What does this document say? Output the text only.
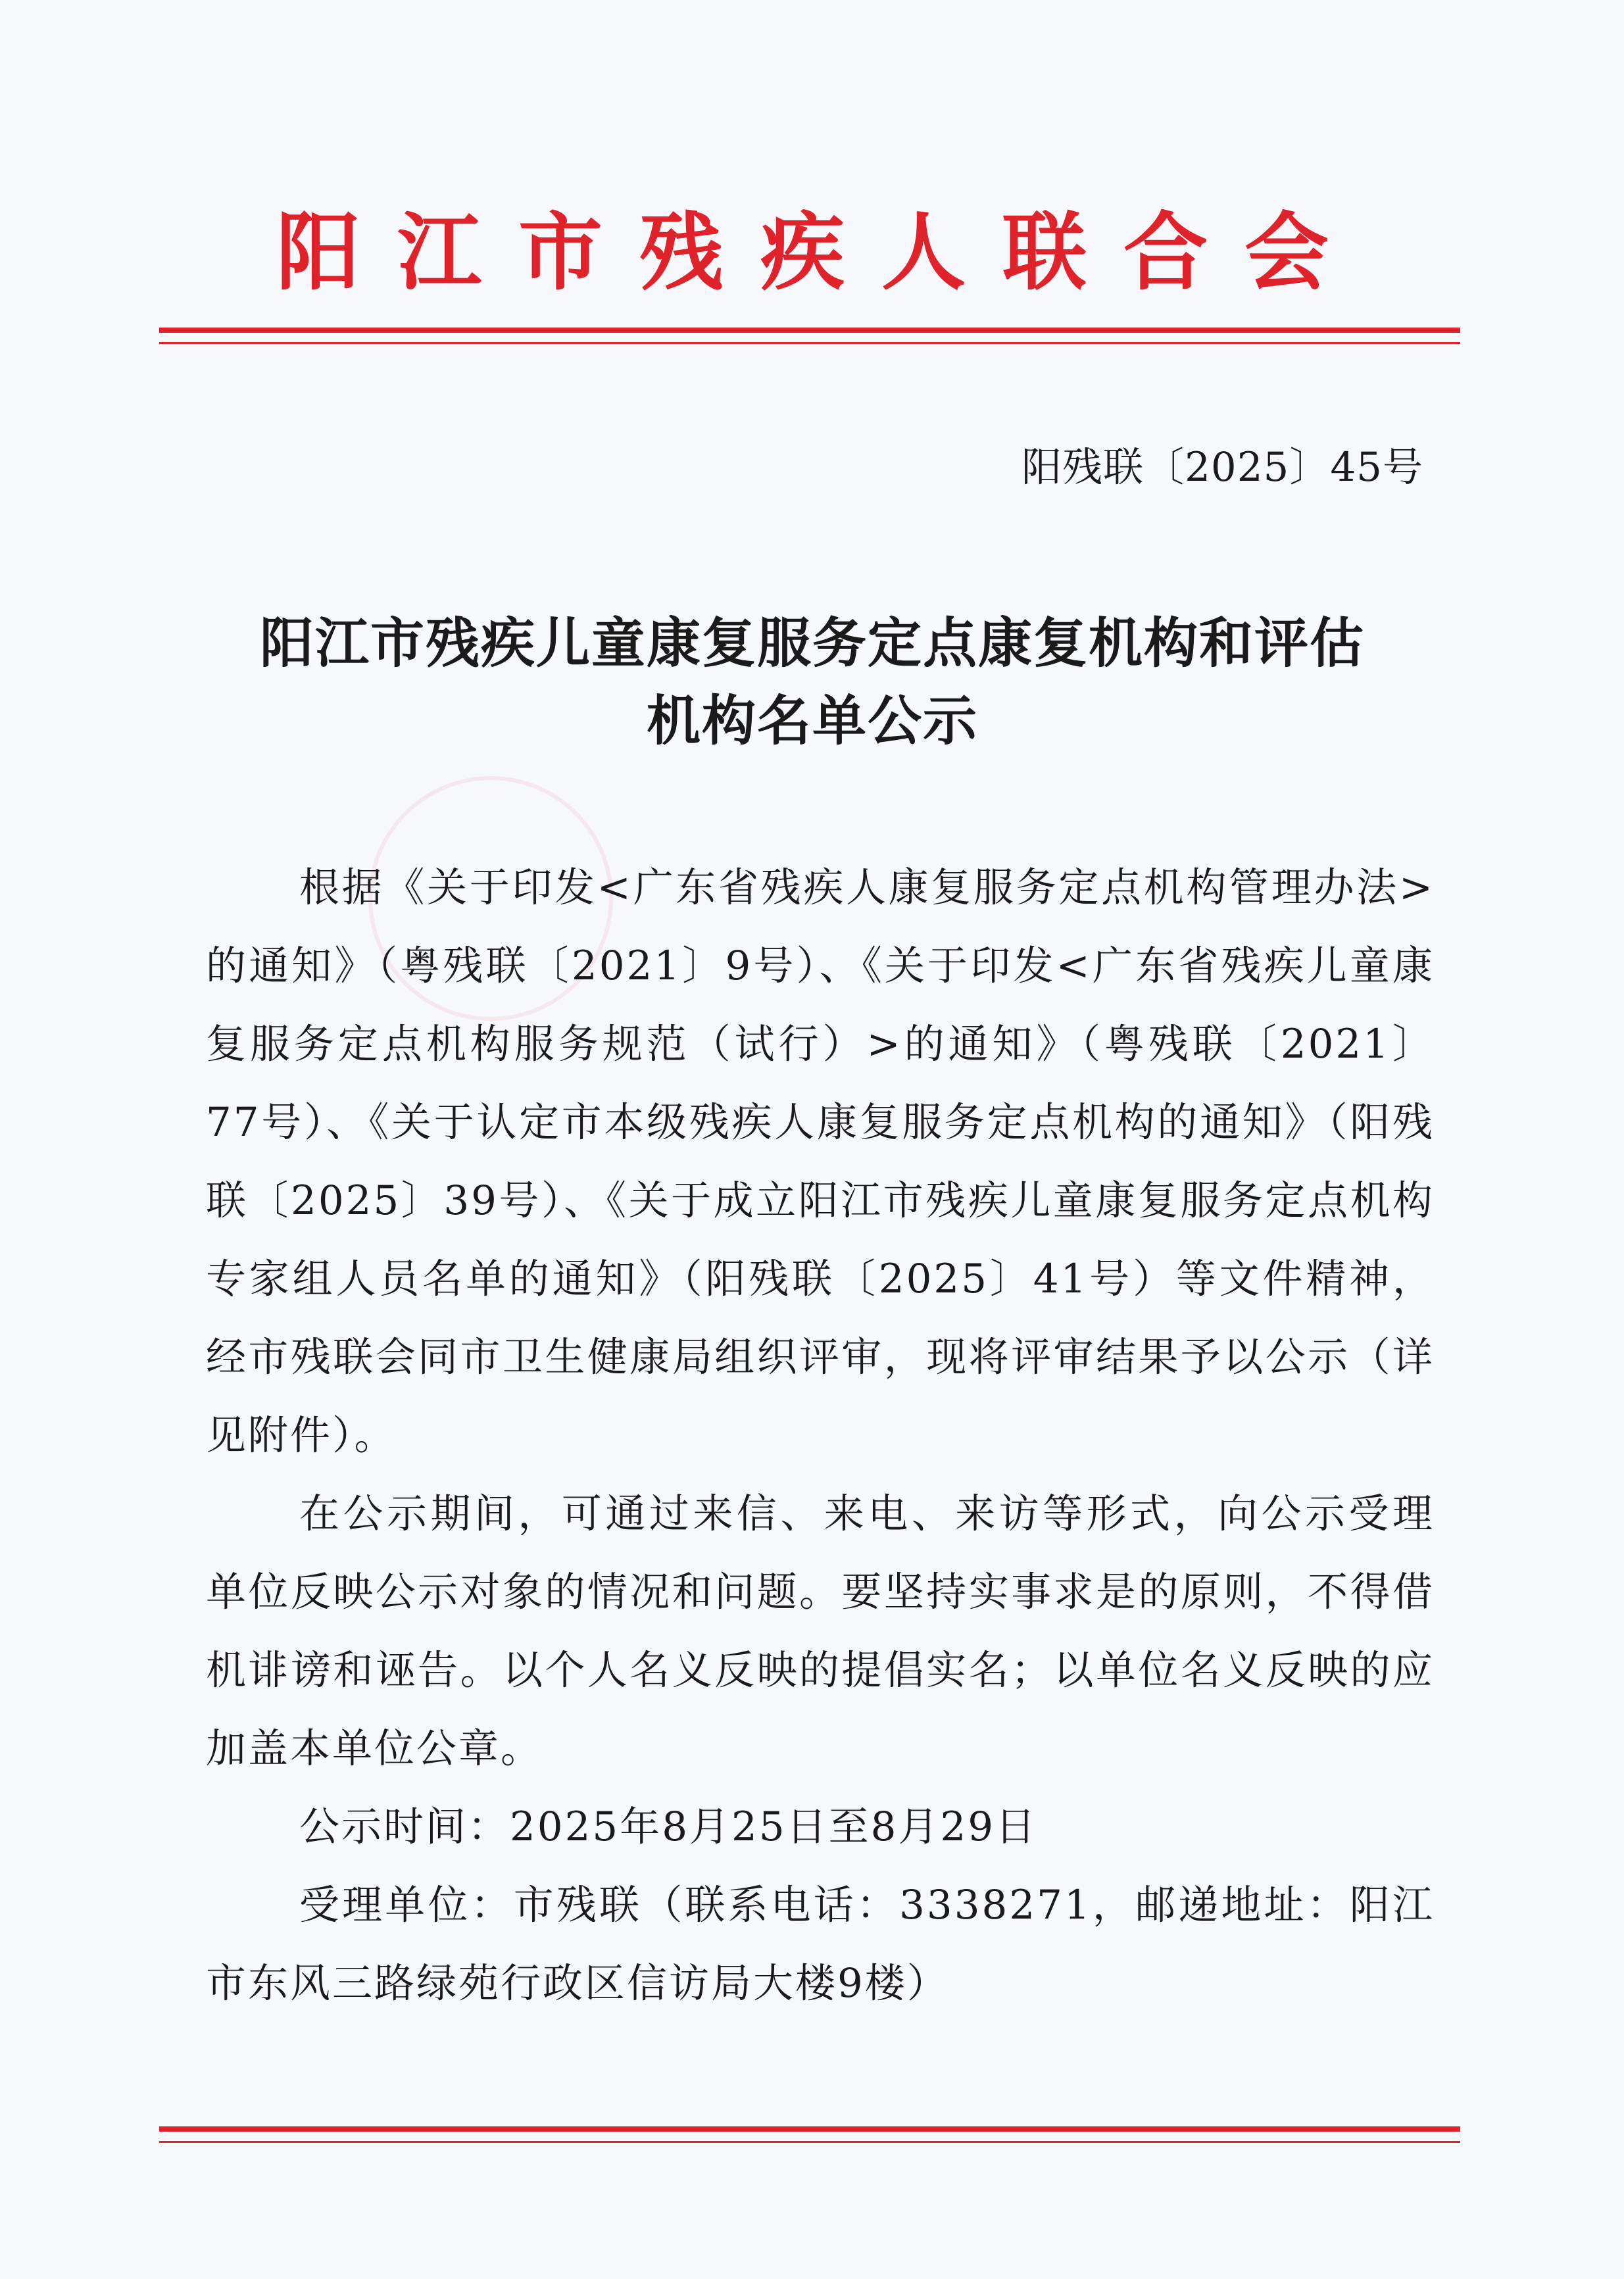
阳江市残疾人联合会
阳残联〔2025〕45号
阳江市残疾儿童康复服务定点康复机构和评估
机构名单公示

根据《关于印发<广东省残疾人康复服务定点机构管理办法>的通知》（粤残联〔2021〕9号）、《关于印发<广东省残疾儿童康复服务定点机构服务规范（试行）>的通知》（粤残联〔2021〕77号）、《关于认定市本级残疾人康复服务定点机构的通知》（阳残联〔2025〕39号）、《关于成立阳江市残疾儿童康复服务定点机构专家组人员名单的通知》（阳残联〔2025〕41号）等文件精神，经市残联会同市卫生健康局组织评审，现将评审结果予以公示（详见附件）。

在公示期间，可通过来信、来电、来访等形式，向公示受理单位反映公示对象的情况和问题。要坚持实事求是的原则，不得借机诽谤和诬告。以个人名义反映的提倡实名；以单位名义反映的应加盖本单位公章。

公示时间：2025年8月25日至8月29日

受理单位：市残联（联系电话：3338271，邮递地址：阳江市东风三路绿苑行政区信访局大楼9楼）
